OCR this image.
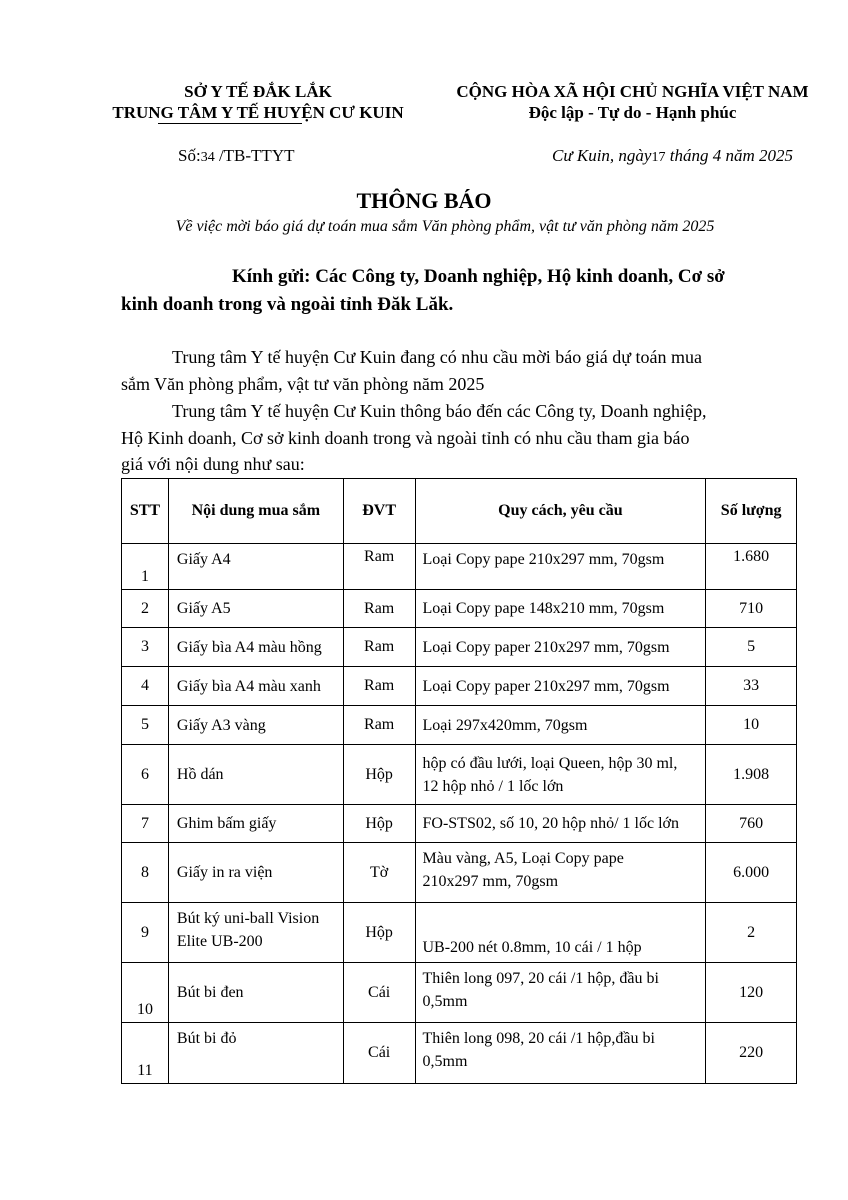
SỞ Y TẾ ĐẮK LẮK
TRUNG TÂM Y TẾ HUYỆN CƯ KUIN
CỘNG HÒA XÃ HỘI CHỦ NGHĨA VIỆT NAM
Độc lập - Tự do - Hạnh phúc
Số:34 /TB-TTYT	Cư Kuin, ngày17 tháng 4 năm 2025
THÔNG BÁO
Về việc mời báo giá dự toán mua sắm Văn phòng phẩm, vật tư văn phòng năm 2025
Kính gửi: Các Công ty, Doanh nghiệp, Hộ kinh doanh, Cơ sở
kinh doanh trong và ngoài tỉnh Đăk Lăk.
Trung tâm Y tế huyện Cư Kuin đang có nhu cầu mời báo giá dự toán mua
sắm Văn phòng phẩm, vật tư văn phòng năm 2025
Trung tâm Y tế huyện Cư Kuin thông báo đến các Công ty, Doanh nghiệp,
Hộ Kinh doanh, Cơ sở kinh doanh trong và ngoài tỉnh có nhu cầu tham gia báo
giá với nội dung như sau:
STT	Nội dung mua sắm	ĐVT	Quy cách, yêu cầu	Số lượng
1	Giấy A4	Ram	Loại Copy pape 210x297 mm, 70gsm	1.680
2	Giấy A5	Ram	Loại Copy pape 148x210 mm, 70gsm	710
3	Giấy bìa A4 màu hồng	Ram	Loại Copy paper 210x297 mm, 70gsm	5
4	Giấy bìa A4 màu xanh	Ram	Loại Copy paper 210x297 mm, 70gsm	33
5	Giấy A3 vàng	Ram	Loại 297x420mm, 70gsm	10
6	Hồ dán	Hộp	hộp có đầu lưới, loại Queen, hộp 30 ml,
12 hộp nhỏ / 1 lốc lớn	1.908
7	Ghim bấm giấy	Hộp	FO-STS02, số 10, 20 hộp nhỏ/ 1 lốc lớn	760
8	Giấy in ra viện	Tờ	Màu vàng, A5, Loại Copy pape
210x297 mm, 70gsm	6.000
9	Bút ký uni-ball Vision
Elite UB-200	Hộp	UB-200 nét 0.8mm, 10 cái / 1 hộp	2
10	Bút bi đen	Cái	Thiên long 097, 20 cái /1 hộp, đầu bi
0,5mm	120
11	Bút bi đỏ	Cái	Thiên long 098, 20 cái /1 hộp,đầu bi
0,5mm	220
